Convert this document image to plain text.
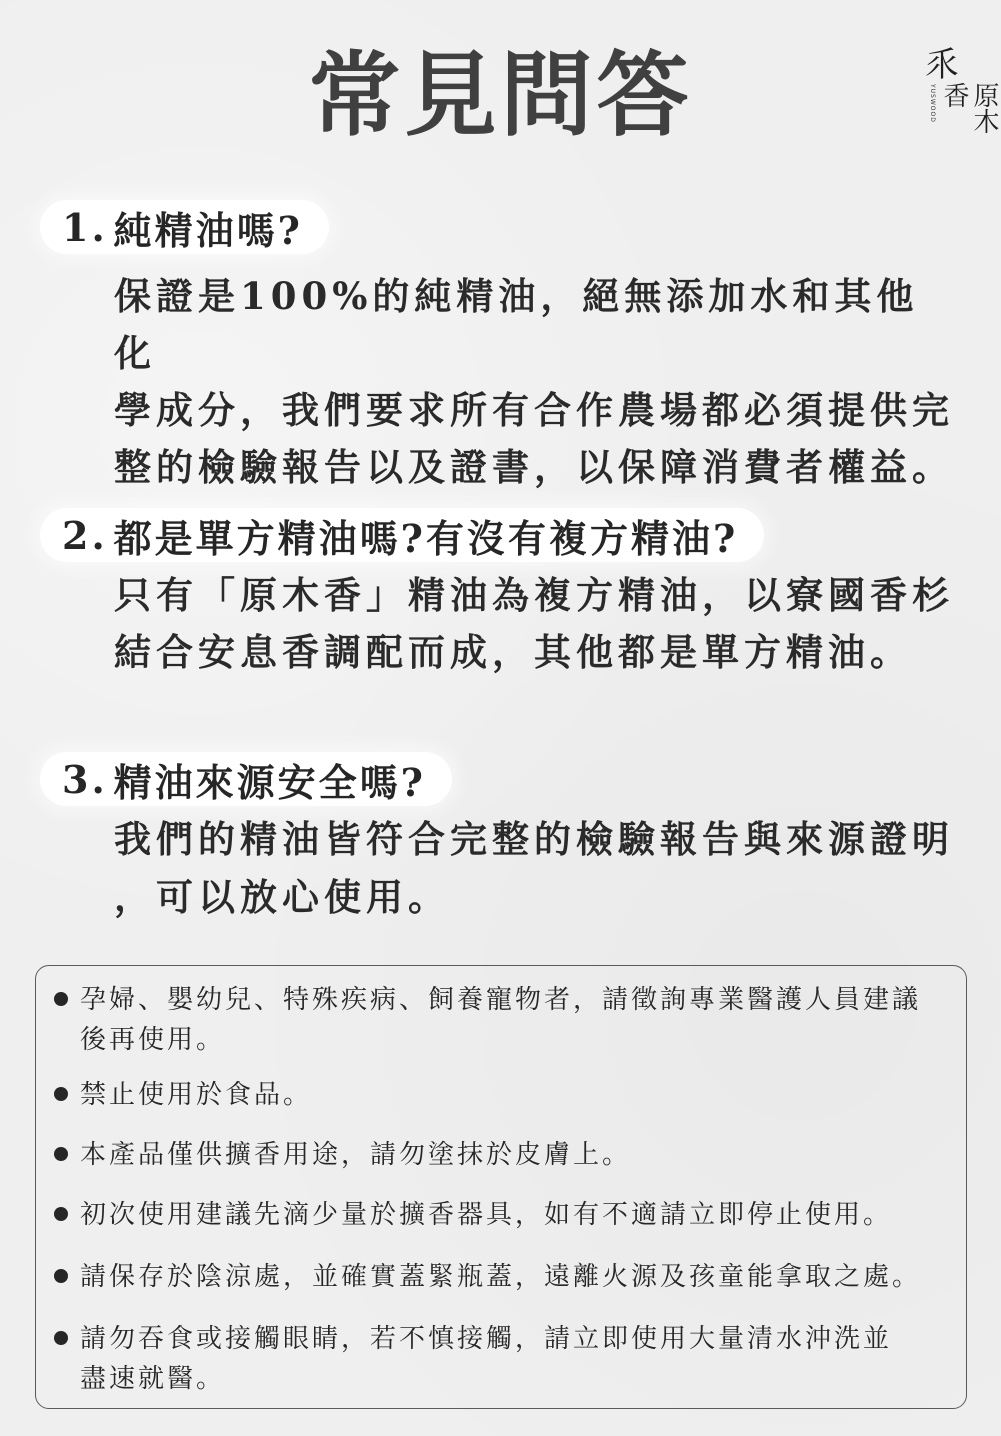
常見問答	乑
YUSWOOD	原木香
1. 純精油嗎?
保證是100%的純精油，絕無添加水和其他化
學成分，我們要求所有合作農場都必須提供完
整的檢驗報告以及證書，以保障消費者權益。
2. 都是單方精油嗎?有沒有複方精油?
只有「原木香」精油為複方精油，以寮國香杉
結合安息香調配而成，其他都是單方精油。
3. 精油來源安全嗎?
我們的精油皆符合完整的檢驗報告與來源證明
，可以放心使用。
孕婦、嬰幼兒、特殊疾病、飼養寵物者，請徵詢專業醫護人員建議
後再使用。
禁止使用於食品。
本產品僅供擴香用途，請勿塗抹於皮膚上。
初次使用建議先滴少量於擴香器具，如有不適請立即停止使用。
請保存於陰涼處，並確實蓋緊瓶蓋，遠離火源及孩童能拿取之處。
請勿吞食或接觸眼睛，若不慎接觸，請立即使用大量清水沖洗並
盡速就醫。
